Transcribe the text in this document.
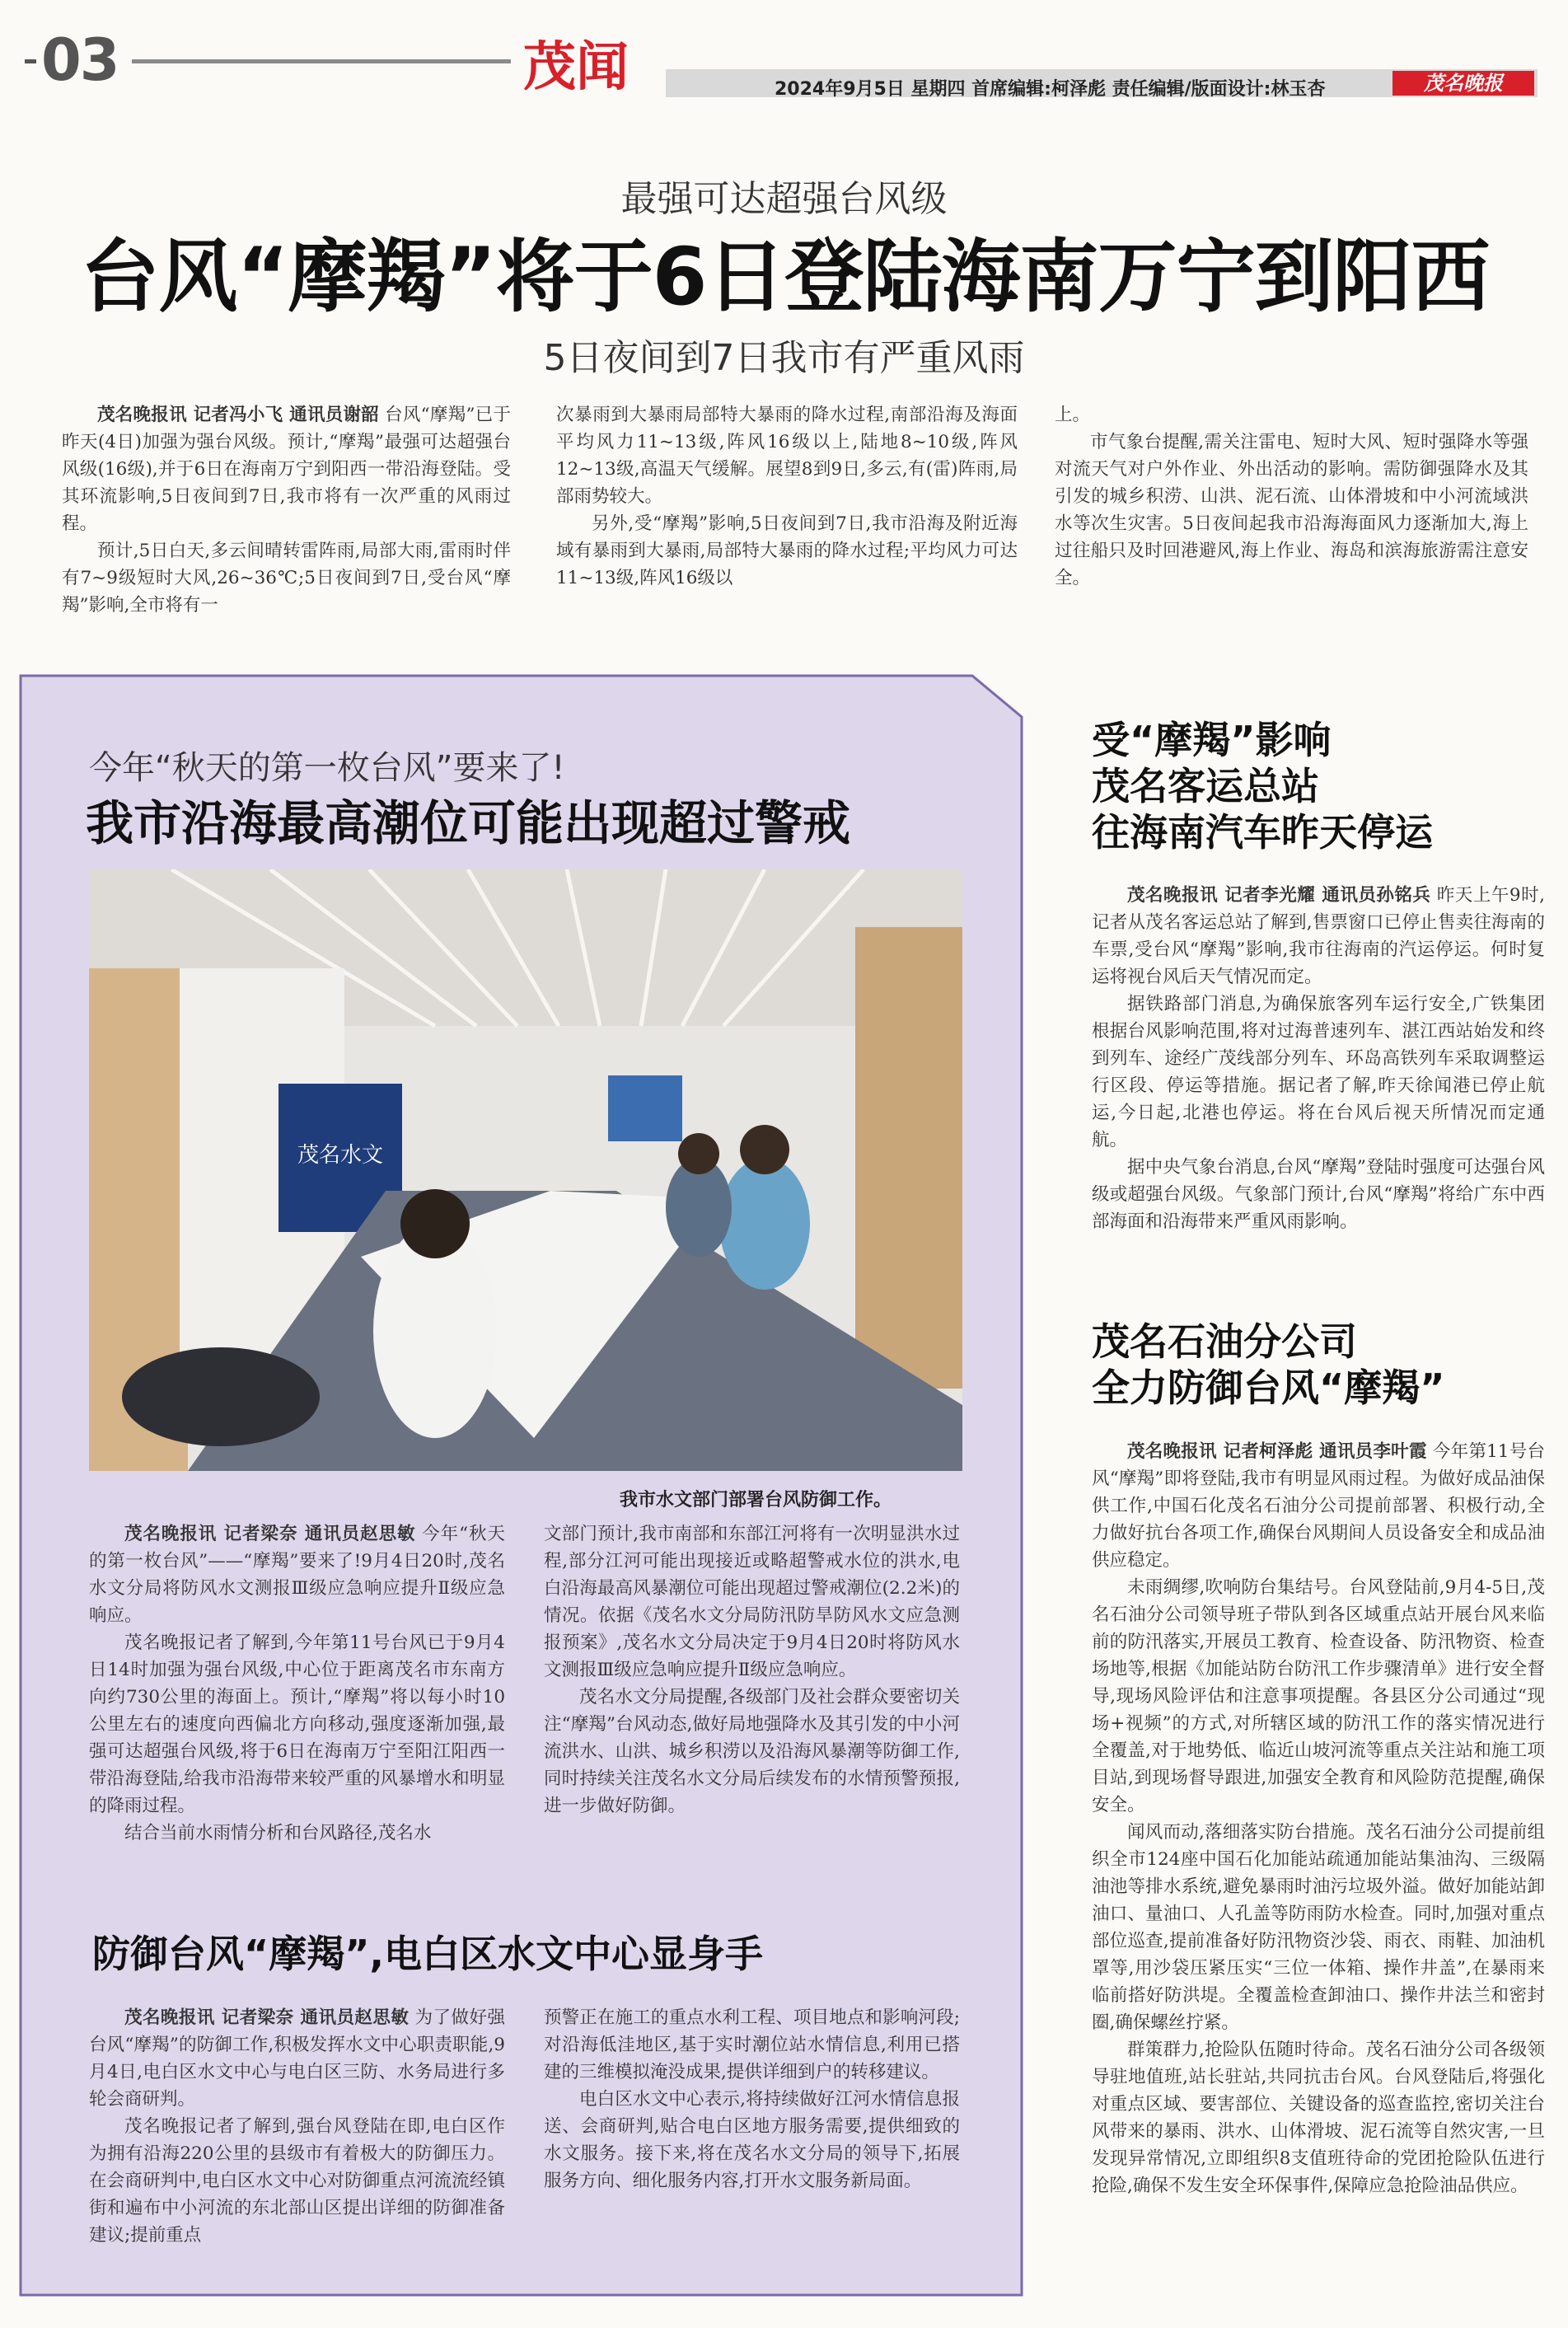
03	茂闻	2024年9月5日 星期四 首席编辑:柯泽彪 责任编辑/版面设计:林玉杏	茂名晚报
最强可达超强台风级
台风“摩羯”将于6日登陆海南万宁到阳西
5日夜间到7日我市有严重风雨

茂名晚报讯 记者冯小飞 通讯员谢韶 台风“摩羯”已于昨天(4日)加强为强台风级。预计,“摩羯”最强可达超强台风级(16级),并于6日在海南万宁到阳西一带沿海登陆。受其环流影响,5日夜间到7日,我市将有一次严重的风雨过程。

预计,5日白天,多云间晴转雷阵雨,局部大雨,雷雨时伴有7~9级短时大风,26~36℃;5日夜间到7日,受台风“摩羯”影响,全市将有一

次暴雨到大暴雨局部特大暴雨的降水过程,南部沿海及海面平均风力11~13级,阵风16级以上,陆地8~10级,阵风12~13级,高温天气缓解。展望8到9日,多云,有(雷)阵雨,局部雨势较大。

另外,受“摩羯”影响,5日夜间到7日,我市沿海及附近海域有暴雨到大暴雨,局部特大暴雨的降水过程;平均风力可达11~13级,阵风16级以

上。

市气象台提醒,需关注雷电、短时大风、短时强降水等强对流天气对户外作业、外出活动的影响。需防御强降水及其引发的城乡积涝、山洪、泥石流、山体滑坡和中小河流域洪水等次生灾害。5日夜间起我市沿海海面风力逐渐加大,海上过往船只及时回港避风,海上作业、海岛和滨海旅游需注意安全。

今年“秋天的第一枚台风”要来了!
我市沿海最高潮位可能出现超过警戒
茂名水文
我市水文部门部署台风防御工作。

茂名晚报讯 记者梁奈 通讯员赵思敏 今年“秋天的第一枚台风”——“摩羯”要来了!9月4日20时,茂名水文分局将防风水文测报Ⅲ级应急响应提升Ⅱ级应急响应。

茂名晚报记者了解到,今年第11号台风已于9月4日14时加强为强台风级,中心位于距离茂名市东南方向约730公里的海面上。预计,“摩羯”将以每小时10公里左右的速度向西偏北方向移动,强度逐渐加强,最强可达超强台风级,将于6日在海南万宁至阳江阳西一带沿海登陆,给我市沿海带来较严重的风暴增水和明显的降雨过程。

结合当前水雨情分析和台风路径,茂名水

文部门预计,我市南部和东部江河将有一次明显洪水过程,部分江河可能出现接近或略超警戒水位的洪水,电白沿海最高风暴潮位可能出现超过警戒潮位(2.2米)的情况。依据《茂名水文分局防汛防旱防风水文应急测报预案》,茂名水文分局决定于9月4日20时将防风水文测报Ⅲ级应急响应提升Ⅱ级应急响应。

茂名水文分局提醒,各级部门及社会群众要密切关注“摩羯”台风动态,做好局地强降水及其引发的中小河流洪水、山洪、城乡积涝以及沿海风暴潮等防御工作,同时持续关注茂名水文分局后续发布的水情预警预报,进一步做好防御。

防御台风“摩羯”,电白区水文中心显身手

茂名晚报讯 记者梁奈 通讯员赵思敏 为了做好强台风“摩羯”的防御工作,积极发挥水文中心职责职能,9月4日,电白区水文中心与电白区三防、水务局进行多轮会商研判。

茂名晚报记者了解到,强台风登陆在即,电白区作为拥有沿海220公里的县级市有着极大的防御压力。在会商研判中,电白区水文中心对防御重点河流流经镇街和遍布中小河流的东北部山区提出详细的防御准备建议;提前重点

预警正在施工的重点水利工程、项目地点和影响河段;对沿海低洼地区,基于实时潮位站水情信息,利用已搭建的三维模拟淹没成果,提供详细到户的转移建议。

电白区水文中心表示,将持续做好江河水情信息报送、会商研判,贴合电白区地方服务需要,提供细致的水文服务。接下来,将在茂名水文分局的领导下,拓展服务方向、细化服务内容,打开水文服务新局面。

受“摩羯”影响
茂名客运总站
往海南汽车昨天停运

茂名晚报讯 记者李光耀 通讯员孙铭兵 昨天上午9时,记者从茂名客运总站了解到,售票窗口已停止售卖往海南的车票,受台风“摩羯”影响,我市往海南的汽运停运。何时复运将视台风后天气情况而定。

据铁路部门消息,为确保旅客列车运行安全,广铁集团根据台风影响范围,将对过海普速列车、湛江西站始发和终到列车、途经广茂线部分列车、环岛高铁列车采取调整运行区段、停运等措施。据记者了解,昨天徐闻港已停止航运,今日起,北港也停运。将在台风后视天所情况而定通航。

据中央气象台消息,台风“摩羯”登陆时强度可达强台风级或超强台风级。气象部门预计,台风“摩羯”将给广东中西部海面和沿海带来严重风雨影响。

茂名石油分公司
全力防御台风“摩羯”

茂名晚报讯 记者柯泽彪 通讯员李叶霞 今年第11号台风“摩羯”即将登陆,我市有明显风雨过程。为做好成品油保供工作,中国石化茂名石油分公司提前部署、积极行动,全力做好抗台各项工作,确保台风期间人员设备安全和成品油供应稳定。

未雨绸缪,吹响防台集结号。台风登陆前,9月4-5日,茂名石油分公司领导班子带队到各区域重点站开展台风来临前的防汛落实,开展员工教育、检查设备、防汛物资、检查场地等,根据《加能站防台防汛工作步骤清单》进行安全督导,现场风险评估和注意事项提醒。各县区分公司通过“现场+视频”的方式,对所辖区域的防汛工作的落实情况进行全覆盖,对于地势低、临近山坡河流等重点关注站和施工项目站,到现场督导跟进,加强安全教育和风险防范提醒,确保安全。

闻风而动,落细落实防台措施。茂名石油分公司提前组织全市124座中国石化加能站疏通加能站集油沟、三级隔油池等排水系统,避免暴雨时油污垃圾外溢。做好加能站卸油口、量油口、人孔盖等防雨防水检查。同时,加强对重点部位巡查,提前准备好防汛物资沙袋、雨衣、雨鞋、加油机罩等,用沙袋压紧压实“三位一体箱、操作井盖”,在暴雨来临前搭好防洪堤。全覆盖检查卸油口、操作井法兰和密封圈,确保螺丝拧紧。

群策群力,抢险队伍随时待命。茂名石油分公司各级领导驻地值班,站长驻站,共同抗击台风。台风登陆后,将强化对重点区域、要害部位、关键设备的巡查监控,密切关注台风带来的暴雨、洪水、山体滑坡、泥石流等自然灾害,一旦发现异常情况,立即组织8支值班待命的党团抢险队伍进行抢险,确保不发生安全环保事件,保障应急抢险油品供应。
